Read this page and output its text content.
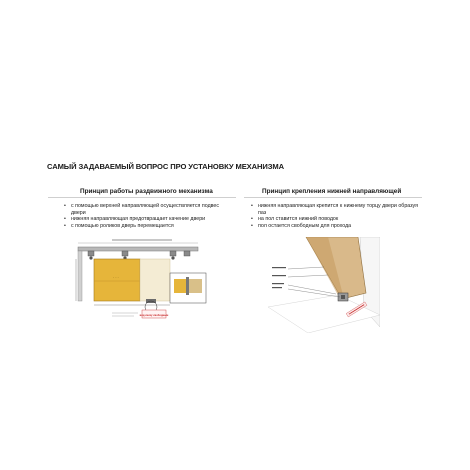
САМЫЙ ЗАДАВАЕМЫЙ ВОПРОС ПРО УСТАНОВКУ МЕХАНИЗМА
Принцип работы раздвижного механизма
• с помощью верхней направляющей осуществляется подвес двери
• нижняя направляющая предотвращает качение двери
• с помощью роликов дверь перемещается
Принцип крепления нижней направляющей
• нижняя направляющая крепится к нижнему торцу двери образуя паз
• на пол ставится нижний поводок
• пол остается свободным для прохода
· · ·
вид снизу свободным
